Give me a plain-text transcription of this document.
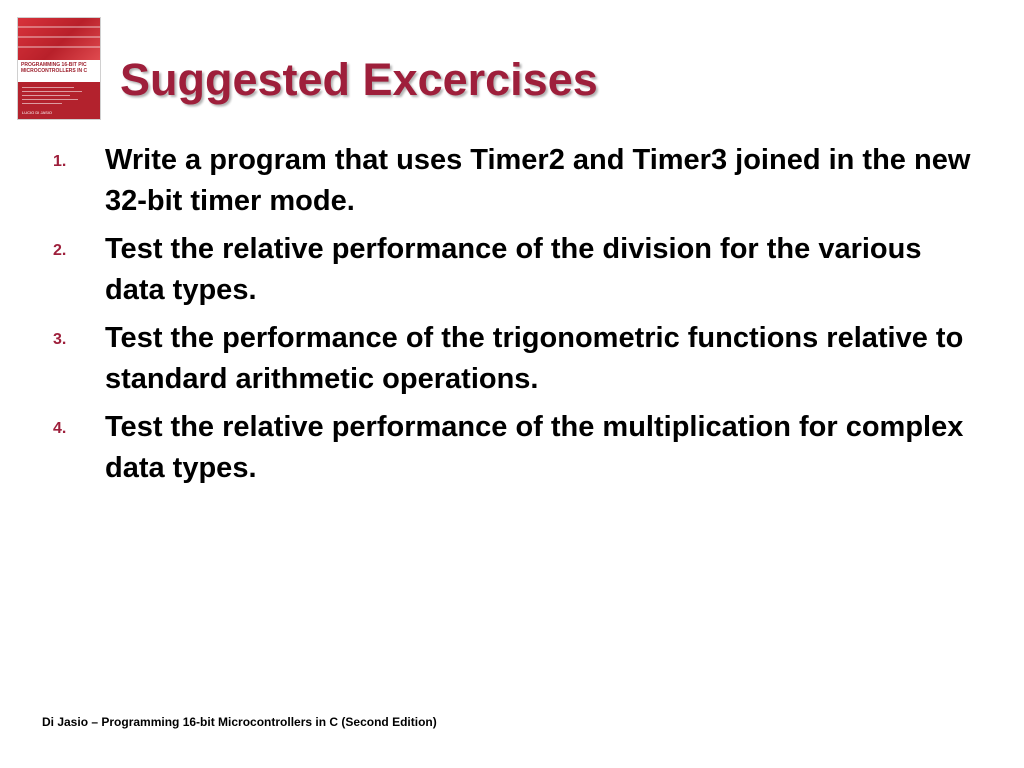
PROGRAMMING 16-BIT PIC
MICROCONTROLLERS IN C
LUCIO DI JASIO
Suggested Excercises
1. Write a program that uses Timer2 and Timer3 joined in the new 32-bit timer mode.
2. Test the relative performance of the division for the various data types.
3. Test the performance of the trigonometric functions relative to standard arithmetic operations.
4. Test the relative performance of the multiplication for complex data types.
Di Jasio – Programming 16-bit Microcontrollers in C (Second Edition)
